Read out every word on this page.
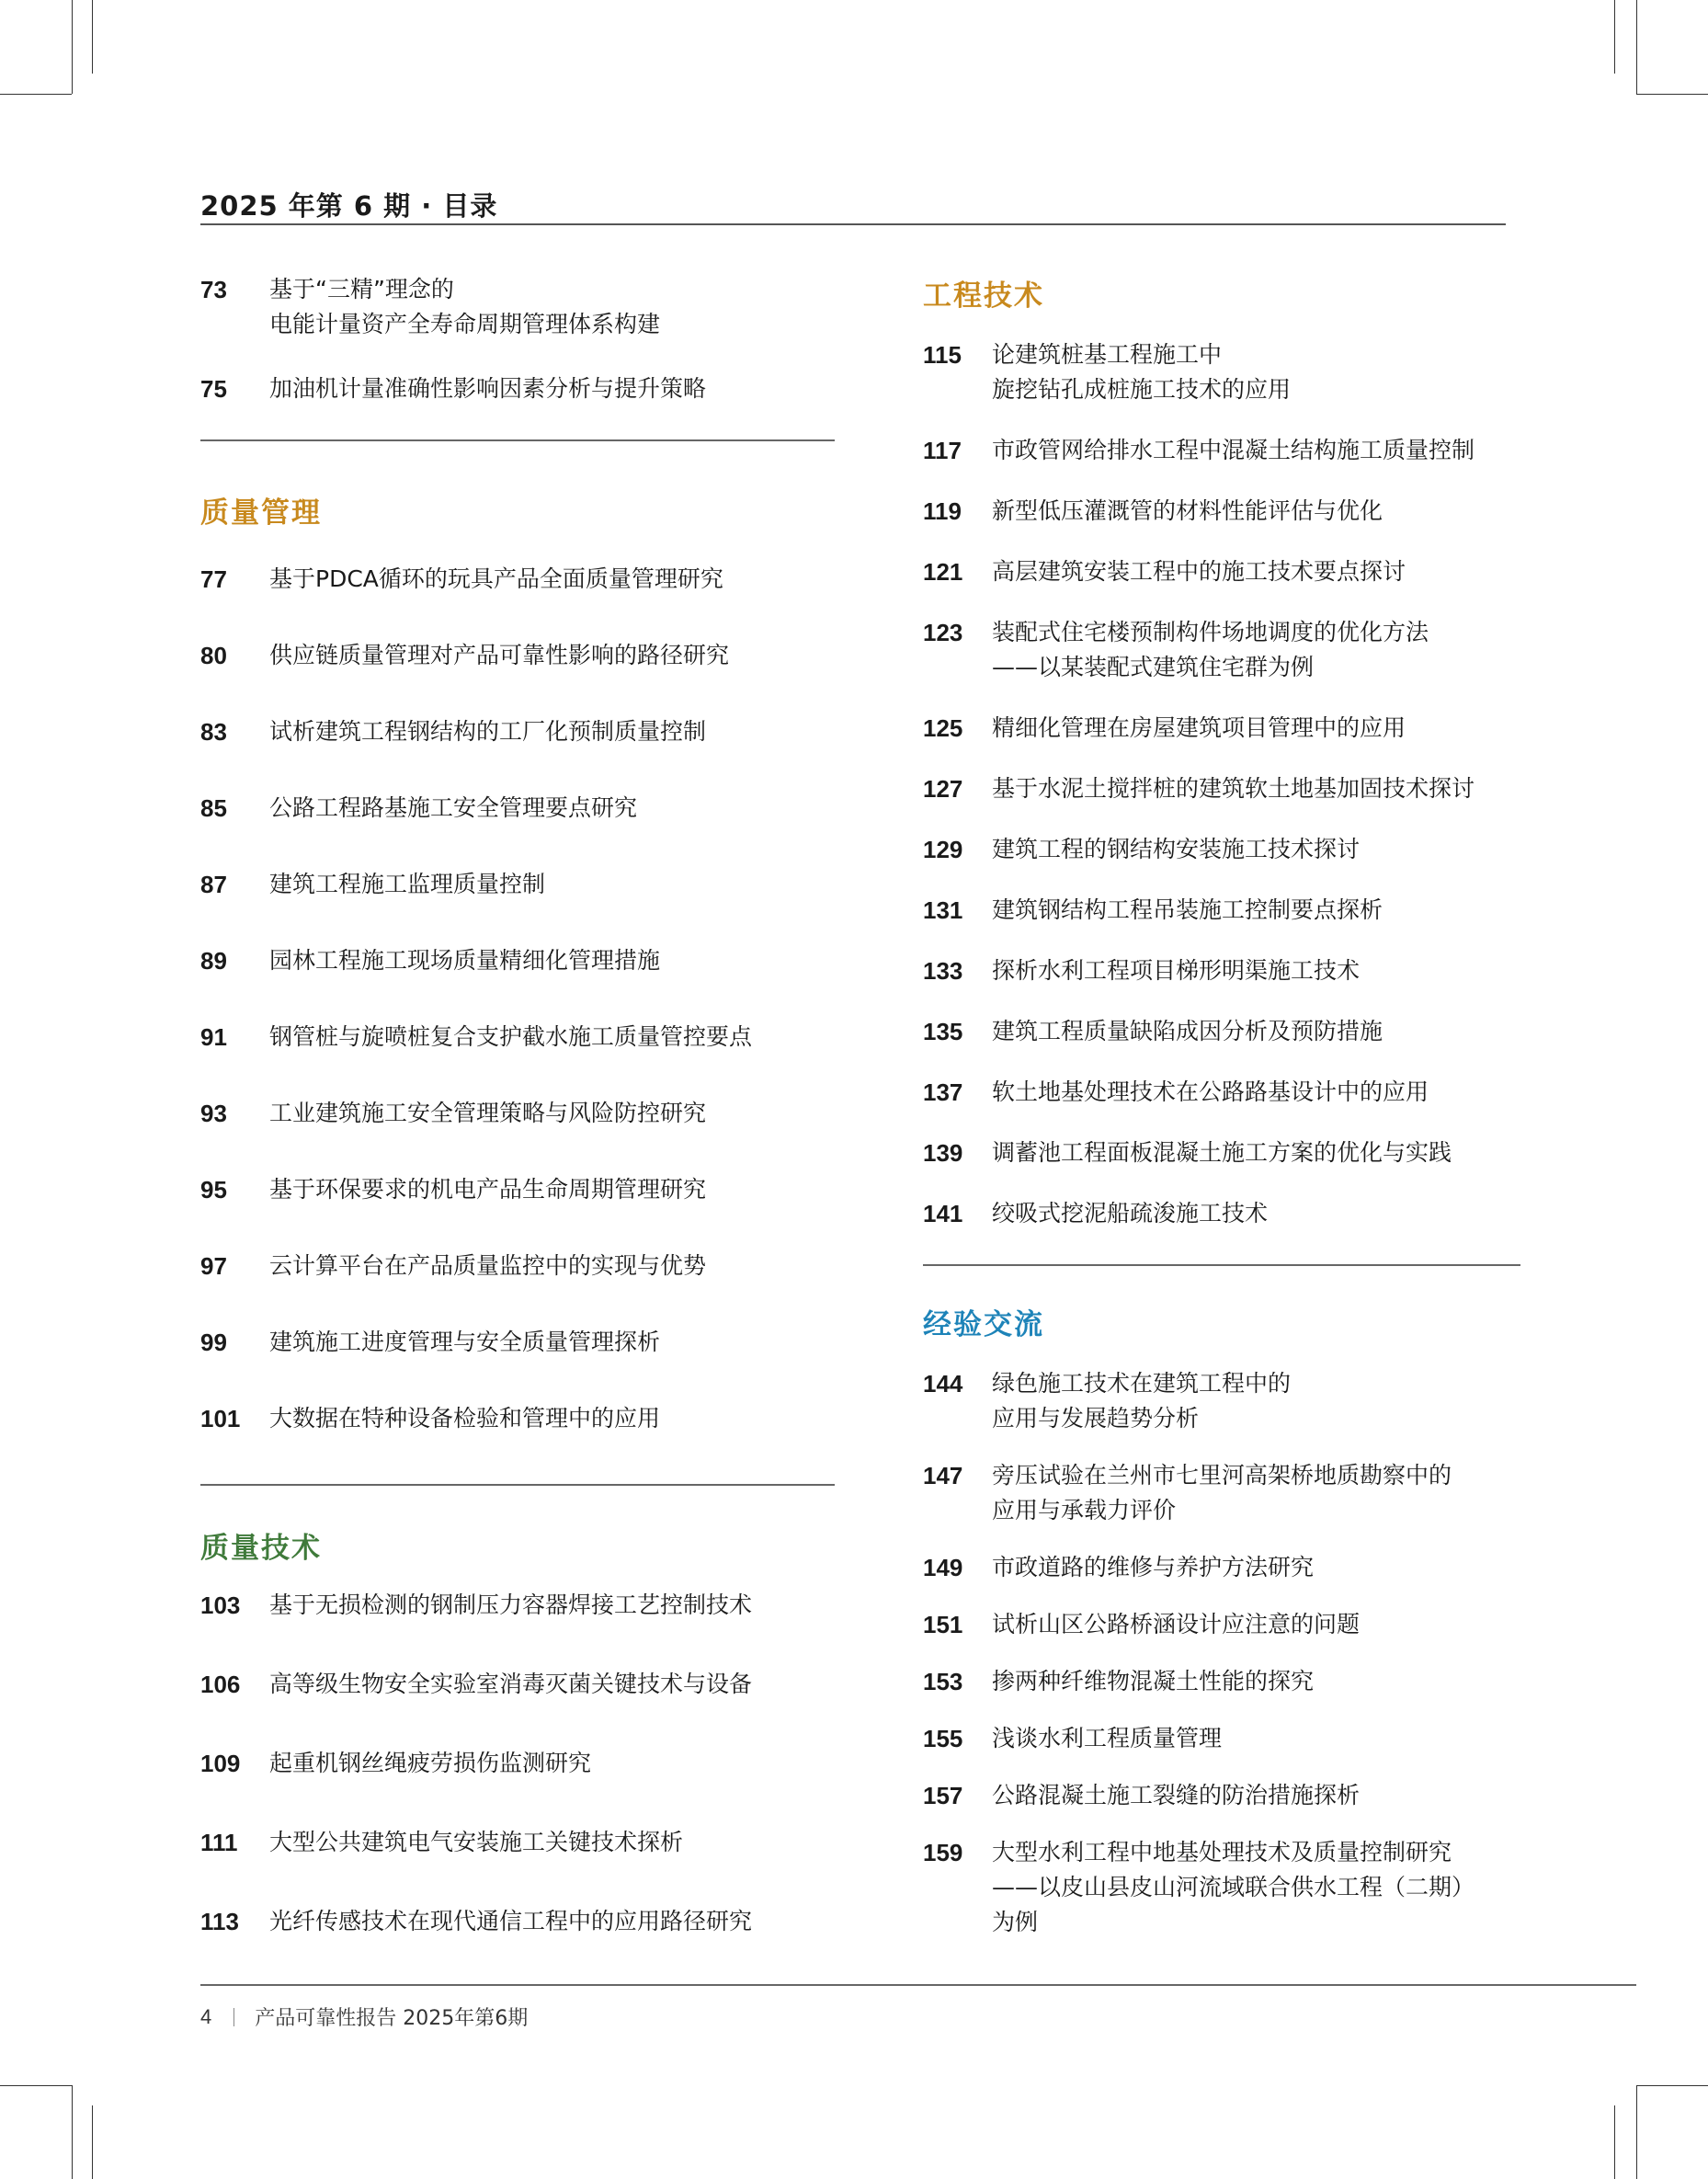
2025 年第 6 期 · 目录
73	基于“三精”理念的
电能计量资产全寿命周期管理体系构建
75	加油机计量准确性影响因素分析与提升策略
质量管理
77	基于PDCA循环的玩具产品全面质量管理研究
80	供应链质量管理对产品可靠性影响的路径研究
83	试析建筑工程钢结构的工厂化预制质量控制
85	公路工程路基施工安全管理要点研究
87	建筑工程施工监理质量控制
89	园林工程施工现场质量精细化管理措施
91	钢管桩与旋喷桩复合支护截水施工质量管控要点
93	工业建筑施工安全管理策略与风险防控研究
95	基于环保要求的机电产品生命周期管理研究
97	云计算平台在产品质量监控中的实现与优势
99	建筑施工进度管理与安全质量管理探析
101	大数据在特种设备检验和管理中的应用
质量技术
103	基于无损检测的钢制压力容器焊接工艺控制技术
106	高等级生物安全实验室消毒灭菌关键技术与设备
109	起重机钢丝绳疲劳损伤监测研究
111	大型公共建筑电气安装施工关键技术探析
113	光纤传感技术在现代通信工程中的应用路径研究
工程技术
115	论建筑桩基工程施工中
旋挖钻孔成桩施工技术的应用
117	市政管网给排水工程中混凝土结构施工质量控制
119	新型低压灌溉管的材料性能评估与优化
121	高层建筑安装工程中的施工技术要点探讨
123	装配式住宅楼预制构件场地调度的优化方法
——以某装配式建筑住宅群为例
125	精细化管理在房屋建筑项目管理中的应用
127	基于水泥土搅拌桩的建筑软土地基加固技术探讨
129	建筑工程的钢结构安装施工技术探讨
131	建筑钢结构工程吊装施工控制要点探析
133	探析水利工程项目梯形明渠施工技术
135	建筑工程质量缺陷成因分析及预防措施
137	软土地基处理技术在公路路基设计中的应用
139	调蓄池工程面板混凝土施工方案的优化与实践
141	绞吸式挖泥船疏浚施工技术
经验交流
144	绿色施工技术在建筑工程中的
应用与发展趋势分析
147	旁压试验在兰州市七里河高架桥地质勘察中的
应用与承载力评价
149	市政道路的维修与养护方法研究
151	试析山区公路桥涵设计应注意的问题
153	掺两种纤维物混凝土性能的探究
155	浅谈水利工程质量管理
157	公路混凝土施工裂缝的防治措施探析
159	大型水利工程中地基处理技术及质量控制研究
——以皮山县皮山河流域联合供水工程（二期）
为例
4 产品可靠性报告 2025年第6期
